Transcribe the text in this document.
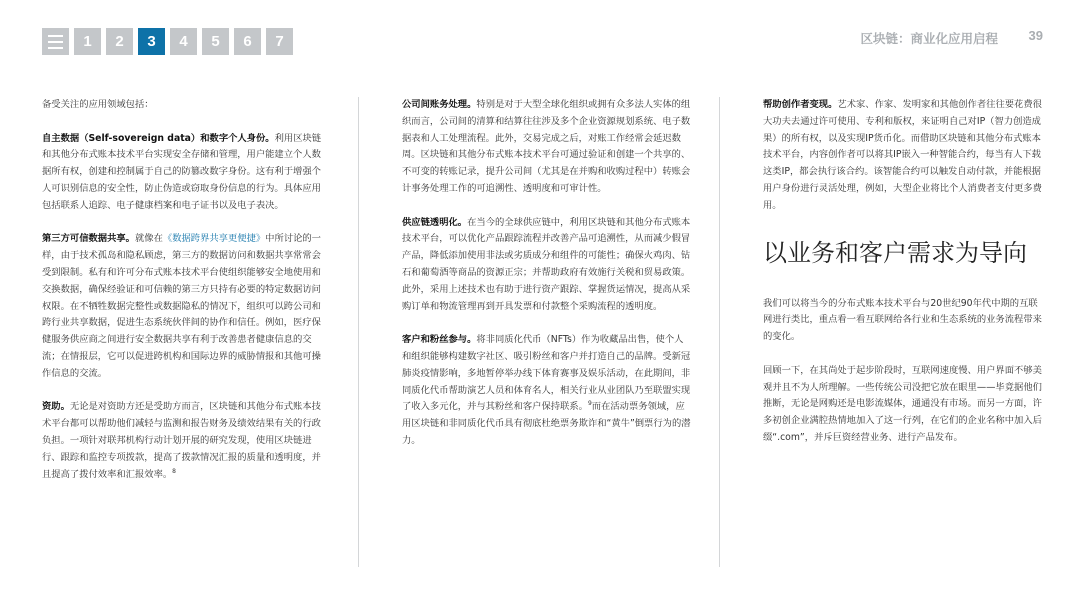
1	2	3	4	5	6	7	区块链：商业化应用启程 39

备受关注的应用领域包括：

自主数据（Self-sovereign data）和数字个人身份。利用区块链和其他分布式账本技术平台实现安全存储和管理，用户能建立个人数据所有权，创建和控制属于自己的防篡改数字身份。这有利于增强个人可识别信息的安全性，防止伪造或窃取身份信息的行为。具体应用包括联系人追踪、电子健康档案和电子证书以及电子表决。

第三方可信数据共享。就像在《数据跨界共享更便捷》中所讨论的一样，由于技术孤岛和隐私顾虑，第三方的数据访问和数据共享常常会受到限制。私有和许可分布式账本技术平台使组织能够安全地使用和交换数据，确保经验证和可信赖的第三方只持有必要的特定数据访问权限。在不牺牲数据完整性或数据隐私的情况下，组织可以跨公司和跨行业共享数据，促进生态系统伙伴间的协作和信任。例如，医疗保健服务供应商之间进行安全数据共享有利于改善患者健康信息的交流；在情报层，它可以促进跨机构和国际边界的威胁情报和其他可操作信息的交流。

资助。无论是对资助方还是受助方而言，区块链和其他分布式账本技术平台都可以帮助他们减轻与监测和报告财务及绩效结果有关的行政负担。一项针对联邦机构行动计划开展的研究发现，使用区块链进行、跟踪和监控专项拨款，提高了拨款情况汇报的质量和透明度，并且提高了拨付效率和汇报效率。$^8$

公司间账务处理。特别是对于大型全球化组织或拥有众多法人实体的组织而言，公司间的清算和结算往往涉及多个企业资源规划系统、电子数据表和人工处理流程。此外，交易完成之后，对账工作经常会延迟数周。区块链和其他分布式账本技术平台可通过验证和创建一个共享的、不可变的转账记录，提升公司间（尤其是在并购和收购过程中）转账会计事务处理工作的可追溯性、透明度和可审计性。

供应链透明化。在当今的全球供应链中，利用区块链和其他分布式账本技术平台，可以优化产品跟踪流程并改善产品可追溯性，从而减少假冒产品，降低添加使用非法或劣质成分和组件的可能性；确保火鸡肉、钻石和葡萄酒等商品的资源正宗；并帮助政府有效施行关税和贸易政策。此外，采用上述技术也有助于进行资产跟踪、掌握货运情况，提高从采购订单和物流管理再到开具发票和付款整个采购流程的透明度。

客户和粉丝参与。将非同质化代币（NFTs）作为收藏品出售，使个人和组织能够构建数字社区、吸引粉丝和客户并打造自己的品牌。受新冠肺炎疫情影响，多地暂停举办线下体育赛事及娱乐活动，在此期间，非同质化代币帮助演艺人员和体育名人，相关行业从业团队乃至联盟实现了收入多元化，并与其粉丝和客户保持联系。$^9$而在活动票务领域，应用区块链和非同质化代币具有彻底杜绝票务欺诈和“黄牛”倒票行为的潜力。

帮助创作者变现。艺术家、作家、发明家和其他创作者往往要花费很大功夫去通过许可使用、专利和版权，来证明自己对IP（智力创造成果）的所有权，以及实现IP货币化。而借助区块链和其他分布式账本技术平台，内容创作者可以将其IP嵌入一种智能合约，每当有人下载这类IP，都会执行该合约。该智能合约可以触发自动付款，并能根据用户身份进行灵活处理，例如，大型企业将比个人消费者支付更多费用。

以业务和客户需求为导向

我们可以将当今的分布式账本技术平台与20世纪90年代中期的互联网进行类比，重点看一看互联网给各行业和生态系统的业务流程带来的变化。

回顾一下，在其尚处于起步阶段时，互联网速度慢、用户界面不够美观并且不为人所理解。一些传统公司没把它放在眼里——毕竟据他们推断，无论是网购还是电影流媒体，通通没有市场。而另一方面，许多初创企业满腔热情地加入了这一行列，在它们的企业名称中加入后缀“.com”，并斥巨资经营业务、进行产品发布。
